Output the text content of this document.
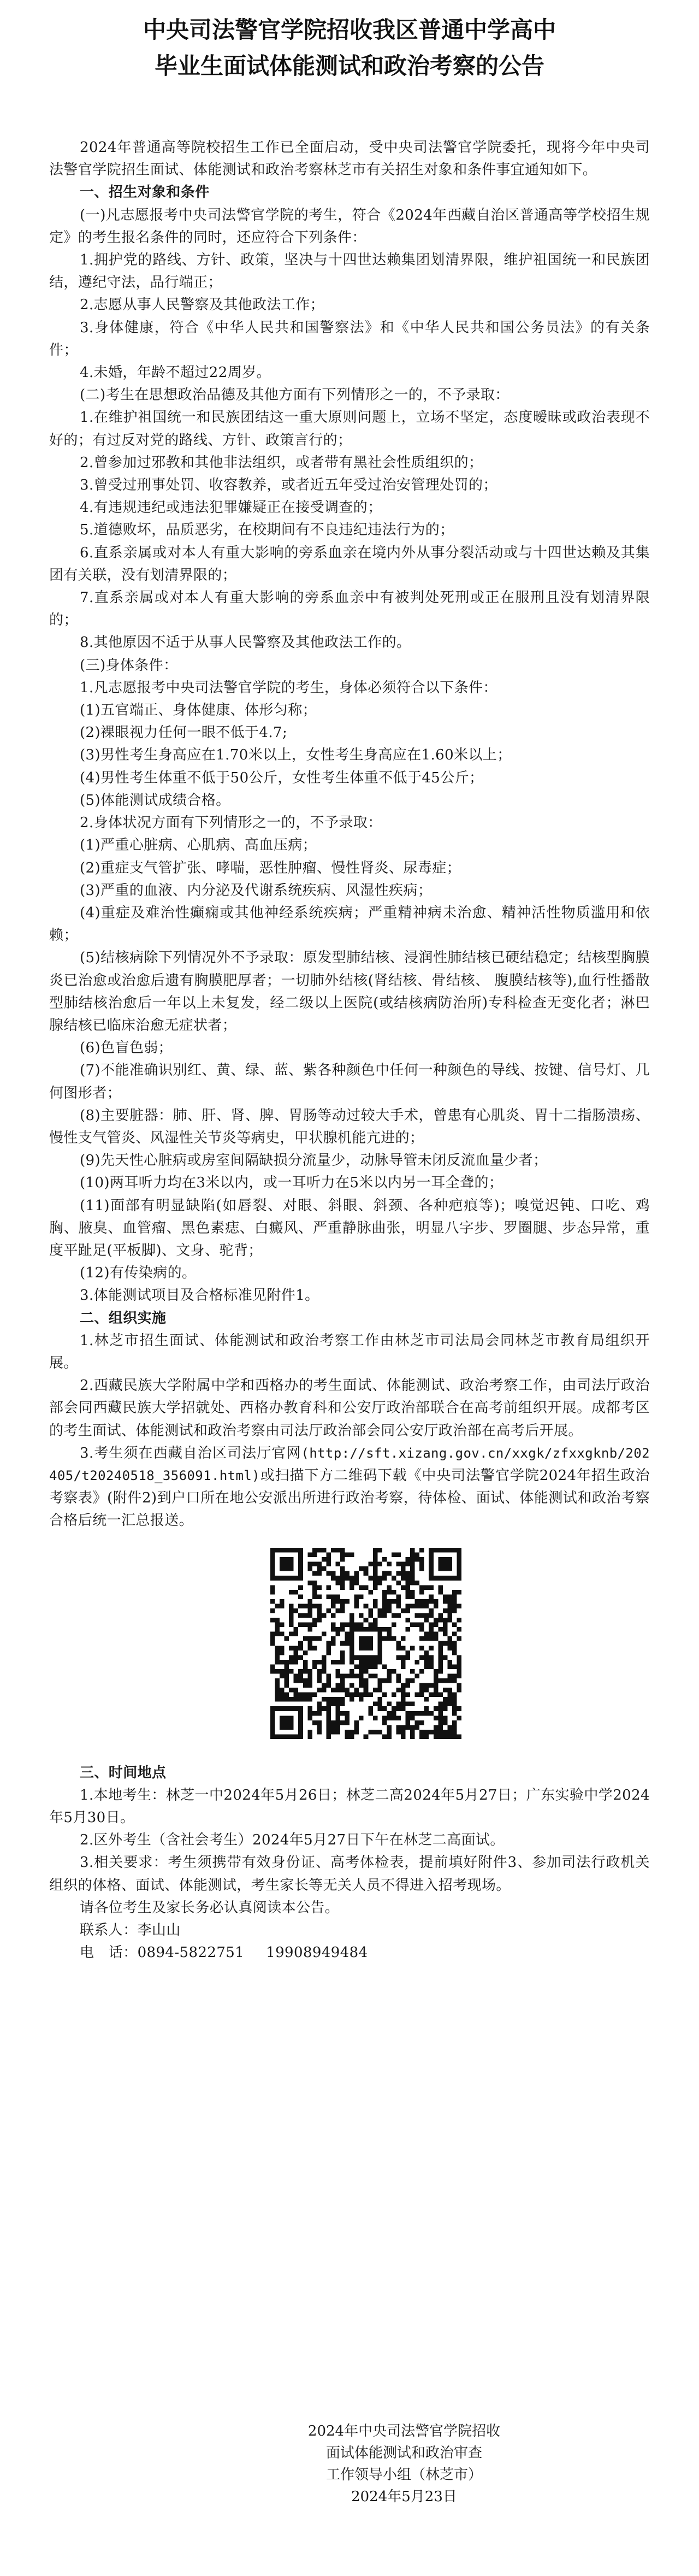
中央司法警官学院招收我区普通中学高中
毕业生面试体能测试和政治考察的公告

2024年普通高等院校招生工作已全面启动，受中央司法警官学院委托，现将今年中央司法警官学院招生面试、体能测试和政治考察林芝市有关招生对象和条件事宜通知如下。

一、招生对象和条件

(一)凡志愿报考中央司法警官学院的考生，符合《2024年西藏自治区普通高等学校招生规定》的考生报名条件的同时，还应符合下列条件：

1.拥护党的路线、方针、政策，坚决与十四世达赖集团划清界限，维护祖国统一和民族团结，遵纪守法，品行端正；

2.志愿从事人民警察及其他政法工作；

3.身体健康，符合《中华人民共和国警察法》和《中华人民共和国公务员法》的有关条件；

4.未婚，年龄不超过22周岁。

(二)考生在思想政治品德及其他方面有下列情形之一的，不予录取：

1.在维护祖国统一和民族团结这一重大原则问题上，立场不坚定，态度暧昧或政治表现不好的；有过反对党的路线、方针、政策言行的；

2.曾参加过邪教和其他非法组织，或者带有黑社会性质组织的；

3.曾受过刑事处罚、收容教养，或者近五年受过治安管理处罚的；

4.有违规违纪或违法犯罪嫌疑正在接受调查的；

5.道德败坏，品质恶劣，在校期间有不良违纪违法行为的；

6.直系亲属或对本人有重大影响的旁系血亲在境内外从事分裂活动或与十四世达赖及其集团有关联，没有划清界限的；

7.直系亲属或对本人有重大影响的旁系血亲中有被判处死刑或正在服刑且没有划清界限的；

8.其他原因不适于从事人民警察及其他政法工作的。

(三)身体条件：

1.凡志愿报考中央司法警官学院的考生，身体必须符合以下条件：

(1)五官端正、身体健康、体形匀称；

(2)裸眼视力任何一眼不低于4.7;

(3)男性考生身高应在1.70米以上，女性考生身高应在1.60米以上；

(4)男性考生体重不低于50公斤，女性考生体重不低于45公斤；

(5)体能测试成绩合格。

2.身体状况方面有下列情形之一的，不予录取：

(1)严重心脏病、心肌病、高血压病；

(2)重症支气管扩张、哮喘，恶性肿瘤、慢性肾炎、尿毒症；

(3)严重的血液、内分泌及代谢系统疾病、风湿性疾病；

(4)重症及难治性癫痫或其他神经系统疾病；严重精神病未治愈、精神活性物质滥用和依赖；

(5)结核病除下列情况外不予录取：原发型肺结核、浸润性肺结核已硬结稳定；结核型胸膜炎已治愈或治愈后遗有胸膜肥厚者；一切肺外结核(肾结核、骨结核、 腹膜结核等),血行性播散型肺结核治愈后一年以上未复发，经二级以上医院(或结核病防治所)专科检查无变化者；淋巴腺结核已临床治愈无症状者；

(6)色盲色弱；

(7)不能准确识别红、黄、绿、蓝、紫各种颜色中任何一种颜色的导线、按键、信号灯、几何图形者；

(8)主要脏器：肺、肝、肾、脾、胃肠等动过较大手术，曾患有心肌炎、胃十二指肠溃疡、慢性支气管炎、风湿性关节炎等病史，甲状腺机能亢进的；

(9)先天性心脏病或房室间隔缺损分流量少，动脉导管未闭反流血量少者；

(10)两耳听力均在3米以内，或一耳听力在5米以内另一耳全聋的；

(11)面部有明显缺陷(如唇裂、对眼、斜眼、斜颈、各种疤痕等)；嗅觉迟钝、口吃、鸡胸、腋臭、血管瘤、黑色素痣、白癜风、严重静脉曲张，明显八字步、罗圈腿、步态异常，重度平趾足(平板脚)、文身、驼背；

(12)有传染病的。

3.体能测试项目及合格标准见附件1。

二、组织实施

1.林芝市招生面试、体能测试和政治考察工作由林芝市司法局会同林芝市教育局组织开展。

2.西藏民族大学附属中学和西格办的考生面试、体能测试、政治考察工作，由司法厅政治部会同西藏民族大学招就处、西格办教育科和公安厅政治部联合在高考前组织开展。成都考区的考生面试、体能测试和政治考察由司法厅政治部会同公安厅政治部在高考后开展。

3.考生须在西藏自治区司法厅官网(http://sft.xizang.gov.cn/xxgk/zfxxgknb/202405/t20240518_356091.html)或扫描下方二维码下载《中央司法警官学院2024年招生政治考察表》(附件2)到户口所在地公安派出所进行政治考察，待体检、面试、体能测试和政治考察合格后统一汇总报送。

三、时间地点

1.本地考生：林芝一中2024年5月26日；林芝二高2024年5月27日；广东实验中学2024年5月30日。

2.区外考生（含社会考生）2024年5月27日下午在林芝二高面试。

3.相关要求：考生须携带有效身份证、高考体检表，提前填好附件3、参加司法行政机关组织的体格、面试、体能测试，考生家长等无关人员不得进入招考现场。

请各位考生及家长务必认真阅读本公告。

联系人：李山山

电　话：0894-5822751 19908949484

2024年中央司法警官学院招收
面试体能测试和政治审查
工作领导小组（林芝市）
2024年5月23日
